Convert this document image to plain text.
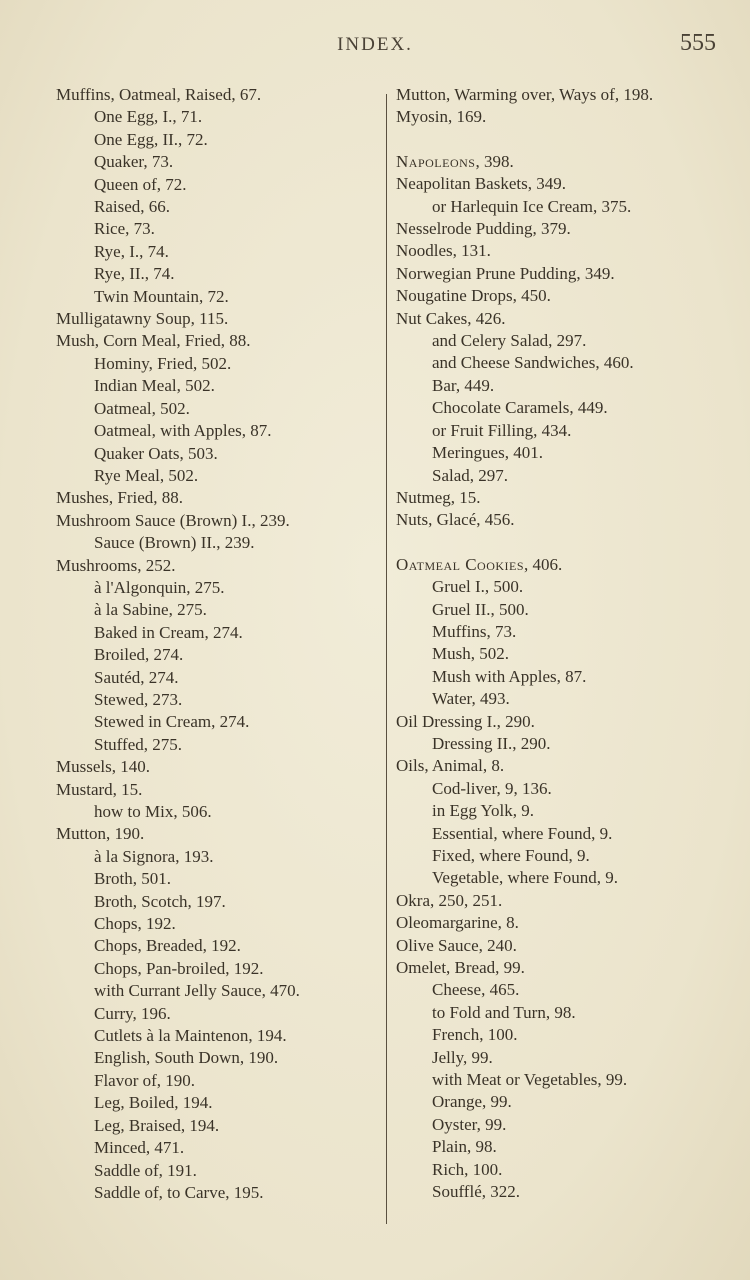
INDEX.	555
Muffins, Oatmeal, Raised, 67.
One Egg, I., 71.
One Egg, II., 72.
Quaker, 73.
Queen of, 72.
Raised, 66.
Rice, 73.
Rye, I., 74.
Rye, II., 74.
Twin Mountain, 72.
Mulligatawny Soup, 115.
Mush, Corn Meal, Fried, 88.
Hominy, Fried, 502.
Indian Meal, 502.
Oatmeal, 502.
Oatmeal, with Apples, 87.
Quaker Oats, 503.
Rye Meal, 502.
Mushes, Fried, 88.
Mushroom Sauce (Brown) I., 239.
Sauce (Brown) II., 239.
Mushrooms, 252.
à l'Algonquin, 275.
à la Sabine, 275.
Baked in Cream, 274.
Broiled, 274.
Sautéd, 274.
Stewed, 273.
Stewed in Cream, 274.
Stuffed, 275.
Mussels, 140.
Mustard, 15.
how to Mix, 506.
Mutton, 190.
à la Signora, 193.
Broth, 501.
Broth, Scotch, 197.
Chops, 192.
Chops, Breaded, 192.
Chops, Pan-broiled, 192.
with Currant Jelly Sauce, 470.
Curry, 196.
Cutlets à la Maintenon, 194.
English, South Down, 190.
Flavor of, 190.
Leg, Boiled, 194.
Leg, Braised, 194.
Minced, 471.
Saddle of, 191.
Saddle of, to Carve, 195.
Mutton, Warming over, Ways of, 198.
Myosin, 169.
Napoleons, 398.
Neapolitan Baskets, 349.
or Harlequin Ice Cream, 375.
Nesselrode Pudding, 379.
Noodles, 131.
Norwegian Prune Pudding, 349.
Nougatine Drops, 450.
Nut Cakes, 426.
and Celery Salad, 297.
and Cheese Sandwiches, 460.
Bar, 449.
Chocolate Caramels, 449.
or Fruit Filling, 434.
Meringues, 401.
Salad, 297.
Nutmeg, 15.
Nuts, Glacé, 456.
Oatmeal Cookies, 406.
Gruel I., 500.
Gruel II., 500.
Muffins, 73.
Mush, 502.
Mush with Apples, 87.
Water, 493.
Oil Dressing I., 290.
Dressing II., 290.
Oils, Animal, 8.
Cod-liver, 9, 136.
in Egg Yolk, 9.
Essential, where Found, 9.
Fixed, where Found, 9.
Vegetable, where Found, 9.
Okra, 250, 251.
Oleomargarine, 8.
Olive Sauce, 240.
Omelet, Bread, 99.
Cheese, 465.
to Fold and Turn, 98.
French, 100.
Jelly, 99.
with Meat or Vegetables, 99.
Orange, 99.
Oyster, 99.
Plain, 98.
Rich, 100.
Soufflé, 322.
